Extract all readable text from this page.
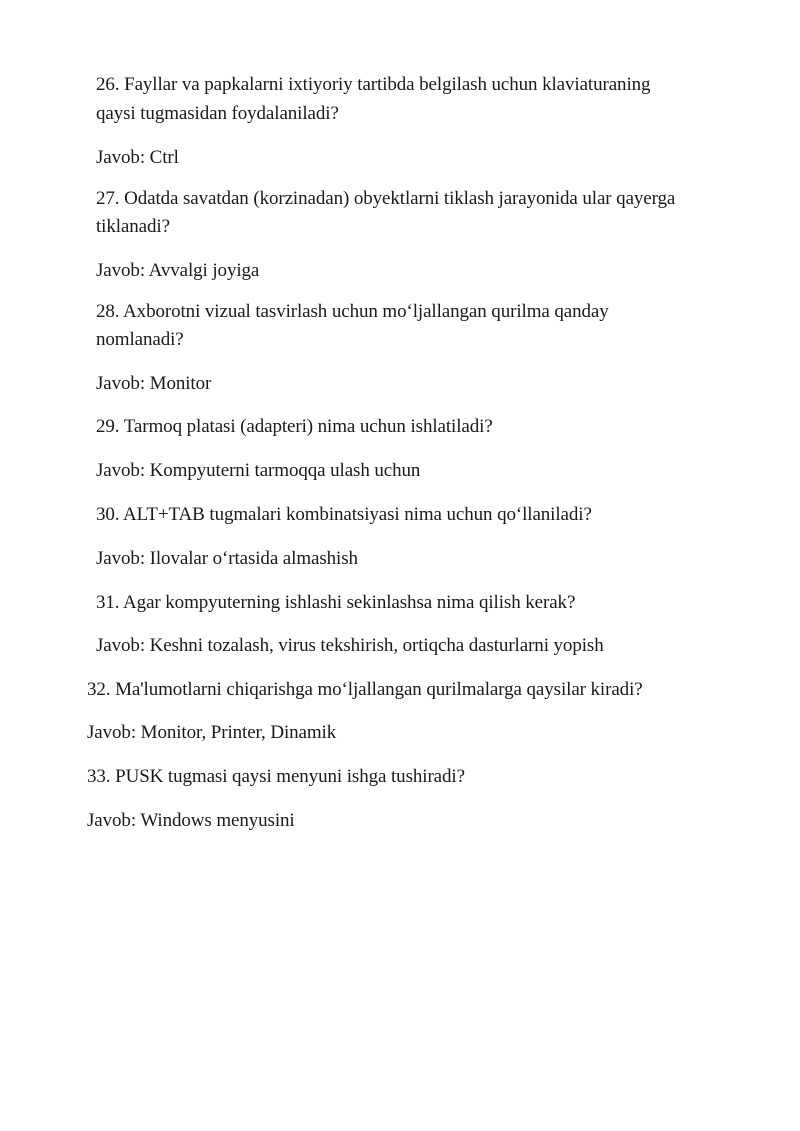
26. Fayllar va papkalarni ixtiyoriy tartibda belgilash uchun klaviaturaning

qaysi tugmasidan foydalaniladi?

Javob: Ctrl

27. Odatda savatdan (korzinadan) obyektlarni tiklash jarayonida ular qayerga

tiklanadi?

Javob: Avvalgi joyiga

28. Axborotni vizual tasvirlash uchun mo‘ljallangan qurilma qanday

nomlanadi?

Javob: Monitor

29. Tarmoq platasi (adapteri) nima uchun ishlatiladi?

Javob: Kompyuterni tarmoqqa ulash uchun

30. ALT+TAB tugmalari kombinatsiyasi nima uchun qo‘llaniladi?

Javob: Ilovalar o‘rtasida almashish

31. Agar kompyuterning ishlashi sekinlashsa nima qilish kerak?

Javob: Keshni tozalash, virus tekshirish, ortiqcha dasturlarni yopish

32. Ma'lumotlarni chiqarishga mo‘ljallangan qurilmalarga qaysilar kiradi?

Javob: Monitor, Printer, Dinamik

33. PUSK tugmasi qaysi menyuni ishga tushiradi?

Javob: Windows menyusini
